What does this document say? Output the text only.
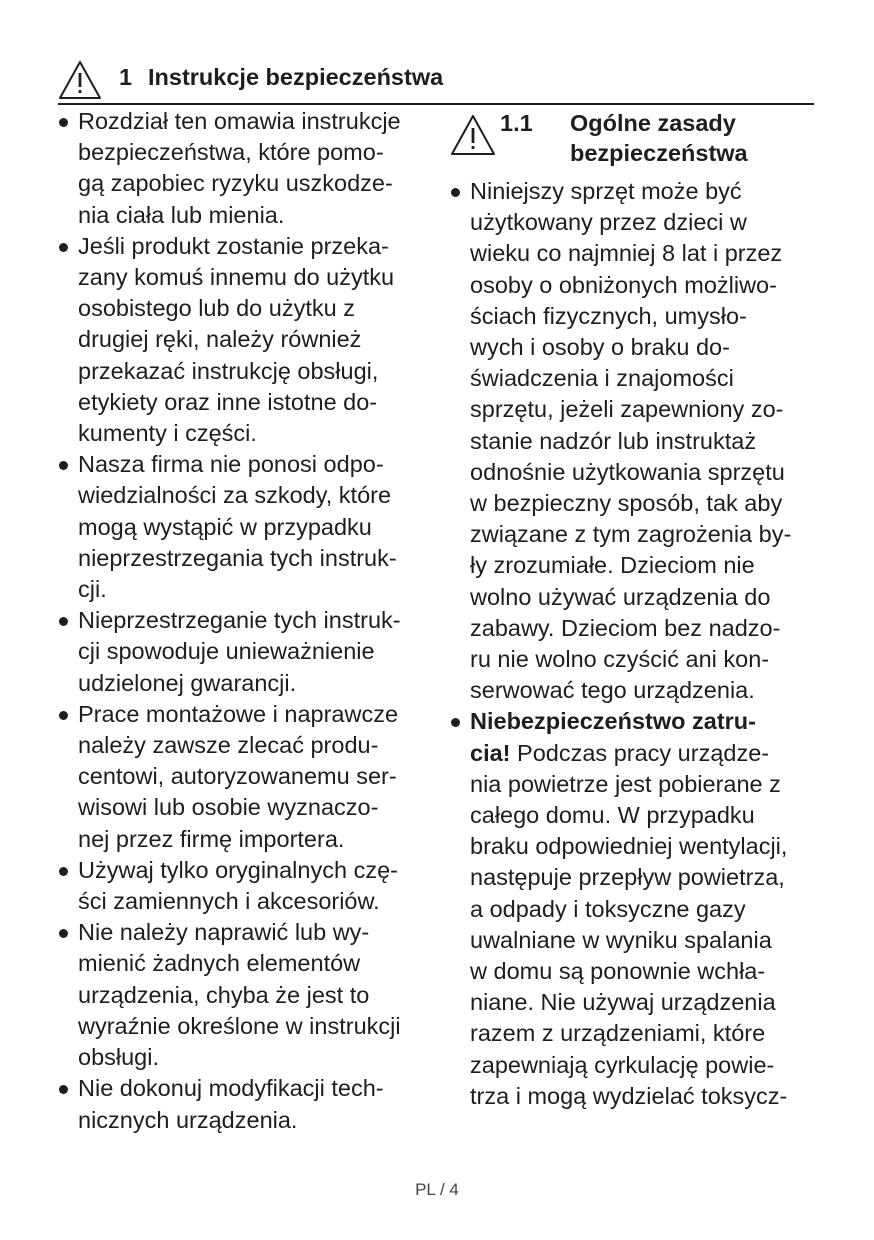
1 Instrukcje bezpieczeństwa
Rozdział ten omawia instrukcje
bezpieczeństwa, które pomo-
gą zapobiec ryzyku uszkodze-
nia ciała lub mienia.
Jeśli produkt zostanie przeka-
zany komuś innemu do użytku
osobistego lub do użytku z
drugiej ręki, należy również
przekazać instrukcję obsługi,
etykiety oraz inne istotne do-
kumenty i części.
Nasza firma nie ponosi odpo-
wiedzialności za szkody, które
mogą wystąpić w przypadku
nieprzestrzegania tych instruk-
cji.
Nieprzestrzeganie tych instruk-
cji spowoduje unieważnienie
udzielonej gwarancji.
Prace montażowe i naprawcze
należy zawsze zlecać produ-
centowi, autoryzowanemu ser-
wisowi lub osobie wyznaczo-
nej przez firmę importera.
Używaj tylko oryginalnych czę-
ści zamiennych i akcesoriów.
Nie należy naprawić lub wy-
mienić żadnych elementów
urządzenia, chyba że jest to
wyraźnie określone w instrukcji
obsługi.
Nie dokonuj modyfikacji tech-
nicznych urządzenia.
1.1 Ogólne zasady
bezpieczeństwa
Niniejszy sprzęt może być
użytkowany przez dzieci w
wieku co najmniej 8 lat i przez
osoby o obniżonych możliwo-
ściach fizycznych, umysło-
wych i osoby o braku do-
świadczenia i znajomości
sprzętu, jeżeli zapewniony zo-
stanie nadzór lub instruktaż
odnośnie użytkowania sprzętu
w bezpieczny sposób, tak aby
związane z tym zagrożenia by-
ły zrozumiałe. Dzieciom nie
wolno używać urządzenia do
zabawy. Dzieciom bez nadzo-
ru nie wolno czyścić ani kon-
serwować tego urządzenia.
Niebezpieczeństwo zatru-
cia! Podczas pracy urządze-
nia powietrze jest pobierane z
całego domu. W przypadku
braku odpowiedniej wentylacji,
następuje przepływ powietrza,
a odpady i toksyczne gazy
uwalniane w wyniku spalania
w domu są ponownie wchła-
niane. Nie używaj urządzenia
razem z urządzeniami, które
zapewniają cyrkulację powie-
trza i mogą wydzielać toksycz-
PL / 4
